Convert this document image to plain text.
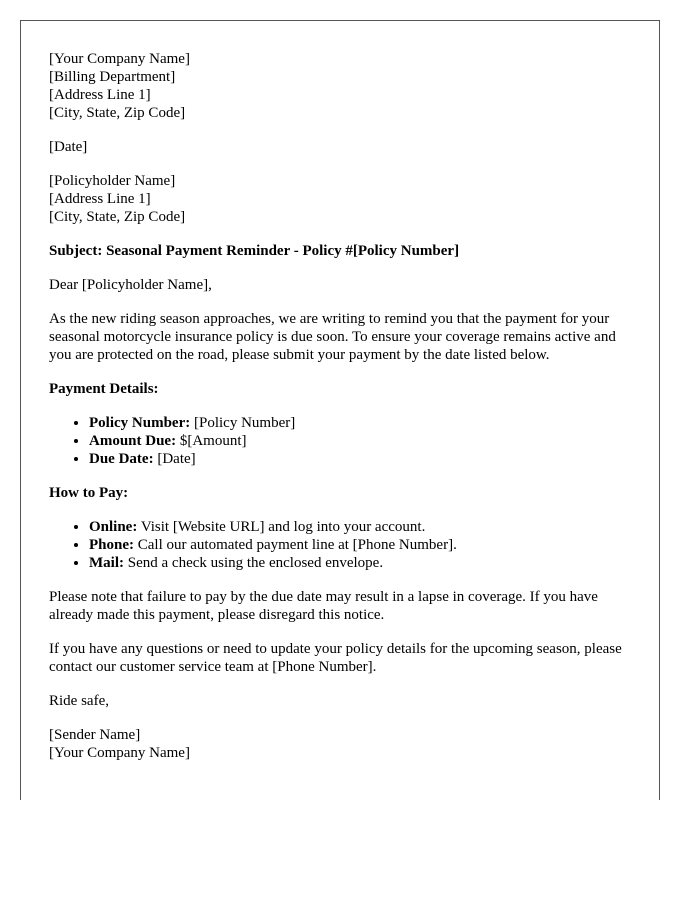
[Your Company Name]
[Billing Department]
[Address Line 1]
[City, State, Zip Code]

[Date]

[Policyholder Name]
[Address Line 1]
[City, State, Zip Code]

Subject: Seasonal Payment Reminder - Policy #[Policy Number]

Dear [Policyholder Name],

As the new riding season approaches, we are writing to remind you that the payment for your seasonal motorcycle insurance policy is due soon. To ensure your coverage remains active and you are protected on the road, please submit your payment by the date listed below.

Payment Details:
• Policy Number: [Policy Number]
• Amount Due: $[Amount]
• Due Date: [Date]
How to Pay:
• Online: Visit [Website URL] and log into your account.
• Phone: Call our automated payment line at [Phone Number].
• Mail: Send a check using the enclosed envelope.

Please note that failure to pay by the due date may result in a lapse in coverage. If you have already made this payment, please disregard this notice.

If you have any questions or need to update your policy details for the upcoming season, please contact our customer service team at [Phone Number].

Ride safe,

[Sender Name]
[Your Company Name]
